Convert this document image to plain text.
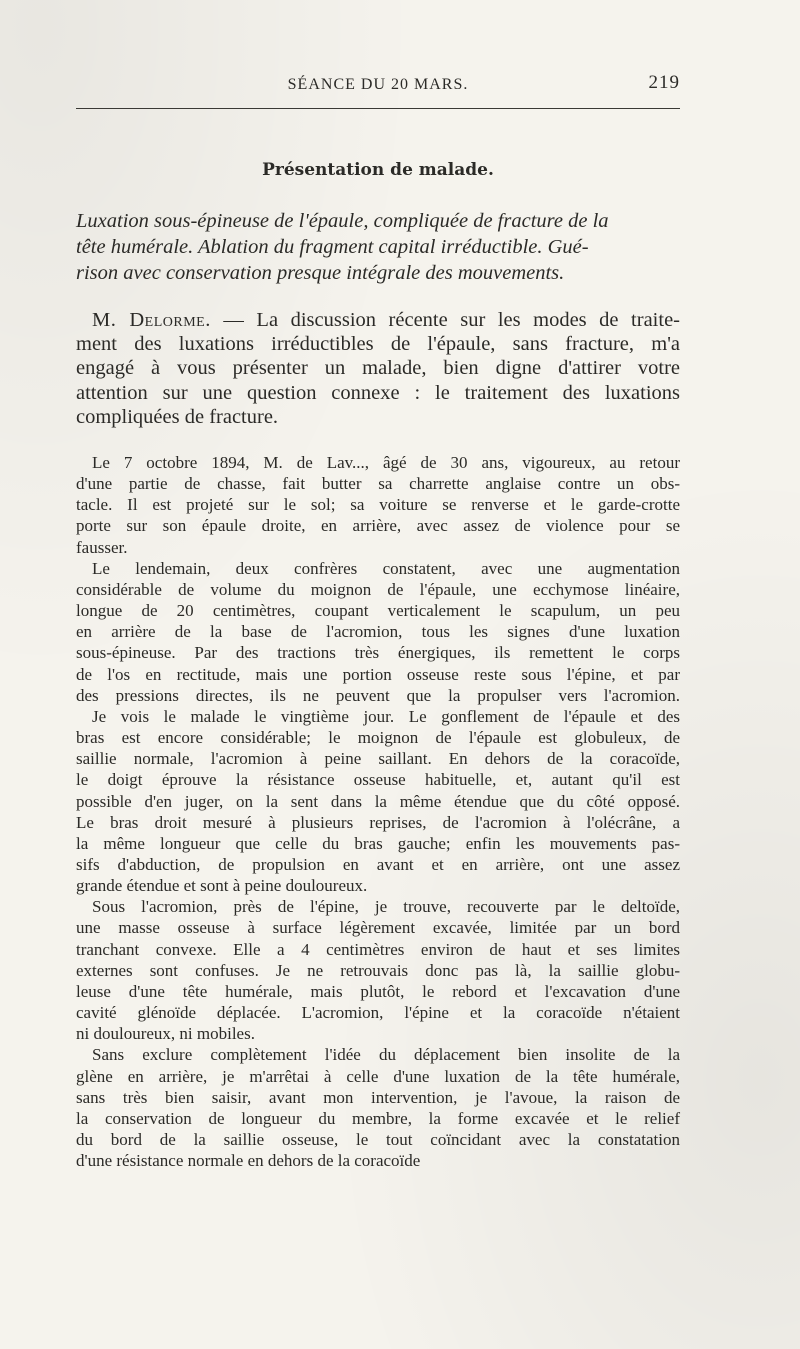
SÉANCE DU 20 MARS.	219
Présentation de malade.
Luxation sous-épineuse de l'épaule, compliquée de fracture de la
tête humérale. Ablation du fragment capital irréductible. Gué-
rison avec conservation presque intégrale des mouvements.
M. Delorme. — La discussion récente sur les modes de traite-
ment des luxations irréductibles de l'épaule, sans fracture, m'a
engagé à vous présenter un malade, bien digne d'attirer votre
attention sur une question connexe : le traitement des luxations
compliquées de fracture.
Le 7 octobre 1894, M. de Lav..., âgé de 30 ans, vigoureux, au retour
d'une partie de chasse, fait butter sa charrette anglaise contre un obs-
tacle. Il est projeté sur le sol; sa voiture se renverse et le garde-crotte
porte sur son épaule droite, en arrière, avec assez de violence pour se
fausser.
Le lendemain, deux confrères constatent, avec une augmentation
considérable de volume du moignon de l'épaule, une ecchymose linéaire,
longue de 20 centimètres, coupant verticalement le scapulum, un peu
en arrière de la base de l'acromion, tous les signes d'une luxation
sous-épineuse. Par des tractions très énergiques, ils remettent le corps
de l'os en rectitude, mais une portion osseuse reste sous l'épine, et par
des pressions directes, ils ne peuvent que la propulser vers l'acromion.
Je vois le malade le vingtième jour. Le gonflement de l'épaule et des
bras est encore considérable; le moignon de l'épaule est globuleux, de
saillie normale, l'acromion à peine saillant. En dehors de la coracoïde,
le doigt éprouve la résistance osseuse habituelle, et, autant qu'il est
possible d'en juger, on la sent dans la même étendue que du côté opposé.
Le bras droit mesuré à plusieurs reprises, de l'acromion à l'olécrâne, a
la même longueur que celle du bras gauche; enfin les mouvements pas-
sifs d'abduction, de propulsion en avant et en arrière, ont une assez
grande étendue et sont à peine douloureux.
Sous l'acromion, près de l'épine, je trouve, recouverte par le deltoïde,
une masse osseuse à surface légèrement excavée, limitée par un bord
tranchant convexe. Elle a 4 centimètres environ de haut et ses limites
externes sont confuses. Je ne retrouvais donc pas là, la saillie globu-
leuse d'une tête humérale, mais plutôt, le rebord et l'excavation d'une
cavité glénoïde déplacée. L'acromion, l'épine et la coracoïde n'étaient
ni douloureux, ni mobiles.
Sans exclure complètement l'idée du déplacement bien insolite de la
glène en arrière, je m'arrêtai à celle d'une luxation de la tête humérale,
sans très bien saisir, avant mon intervention, je l'avoue, la raison de
la conservation de longueur du membre, la forme excavée et le relief
du bord de la saillie osseuse, le tout coïncidant avec la constatation
d'une résistance normale en dehors de la coracoïde
